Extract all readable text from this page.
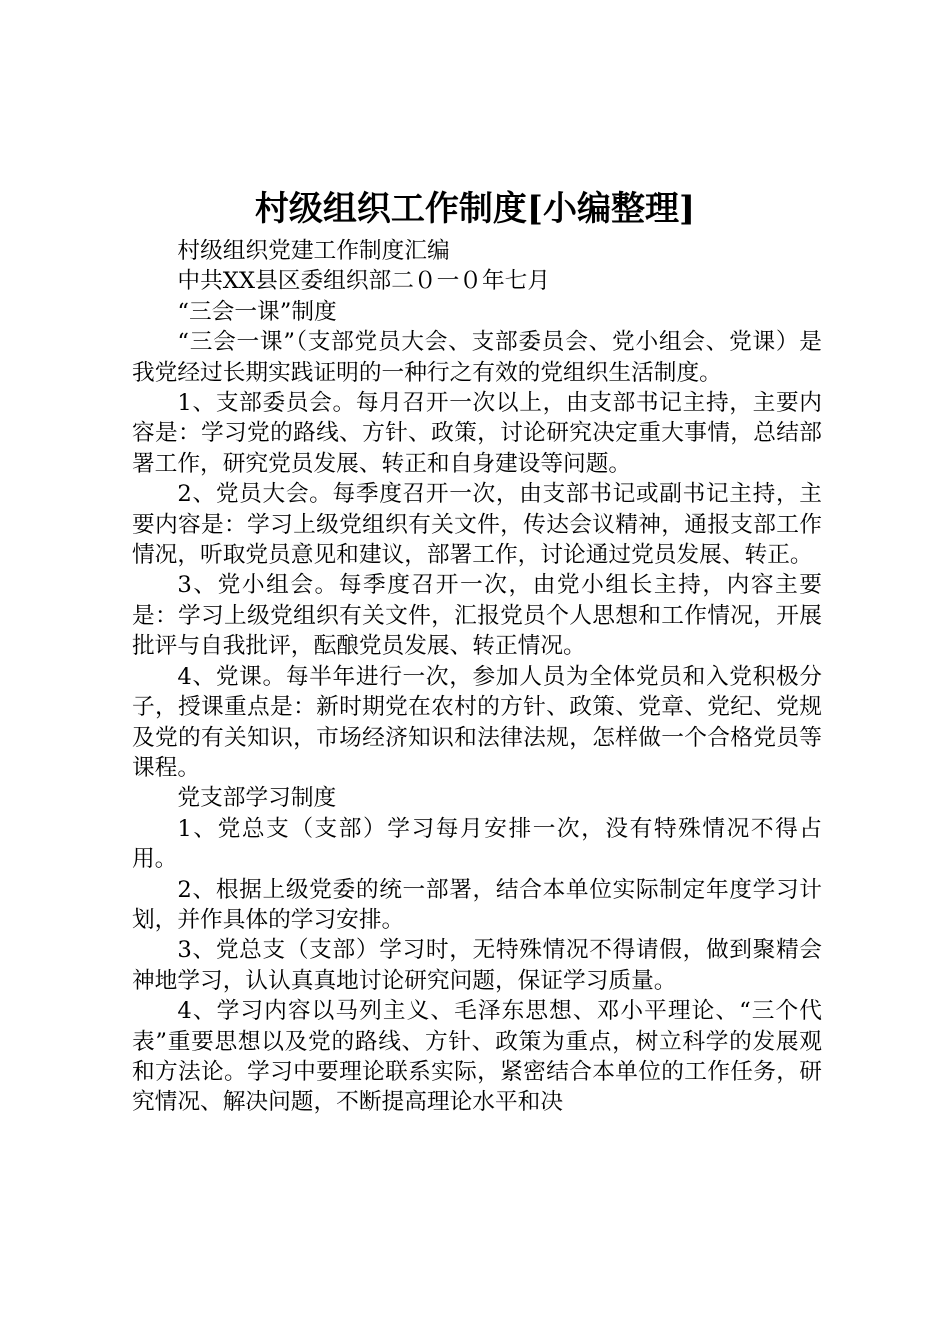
村级组织工作制度[小编整理]

村级组织党建工作制度汇编

中共XX县区委组织部二０一０年七月

“三会一课”制度

“三会一课”（支部党员大会、支部委员会、党小组会、党课）是我党经过长期实践证明的一种行之有效的党组织生活制度。

1、支部委员会。每月召开一次以上，由支部书记主持，主要内容是：学习党的路线、方针、政策，讨论研究决定重大事情，总结部署工作，研究党员发展、转正和自身建设等问题。

2、党员大会。每季度召开一次，由支部书记或副书记主持，主要内容是：学习上级党组织有关文件，传达会议精神，通报支部工作情况，听取党员意见和建议，部署工作，讨论通过党员发展、转正。

3、党小组会。每季度召开一次，由党小组长主持，内容主要是：学习上级党组织有关文件，汇报党员个人思想和工作情况，开展批评与自我批评，酝酿党员发展、转正情况。

4、党课。每半年进行一次，参加人员为全体党员和入党积极分子，授课重点是：新时期党在农村的方针、政策、党章、党纪、党规及党的有关知识，市场经济知识和法律法规，怎样做一个合格党员等课程。

党支部学习制度

1、党总支（支部）学习每月安排一次，没有特殊情况不得占用。

2、根据上级党委的统一部署，结合本单位实际制定年度学习计划，并作具体的学习安排。

3、党总支（支部）学习时，无特殊情况不得请假，做到聚精会神地学习，认认真真地讨论研究问题，保证学习质量。

4、学习内容以马列主义、毛泽东思想、邓小平理论、“三个代表”重要思想以及党的路线、方针、政策为重点，树立科学的发展观和方法论。学习中要理论联系实际，紧密结合本单位的工作任务，研究情况、解决问题，不断提高理论水平和决
